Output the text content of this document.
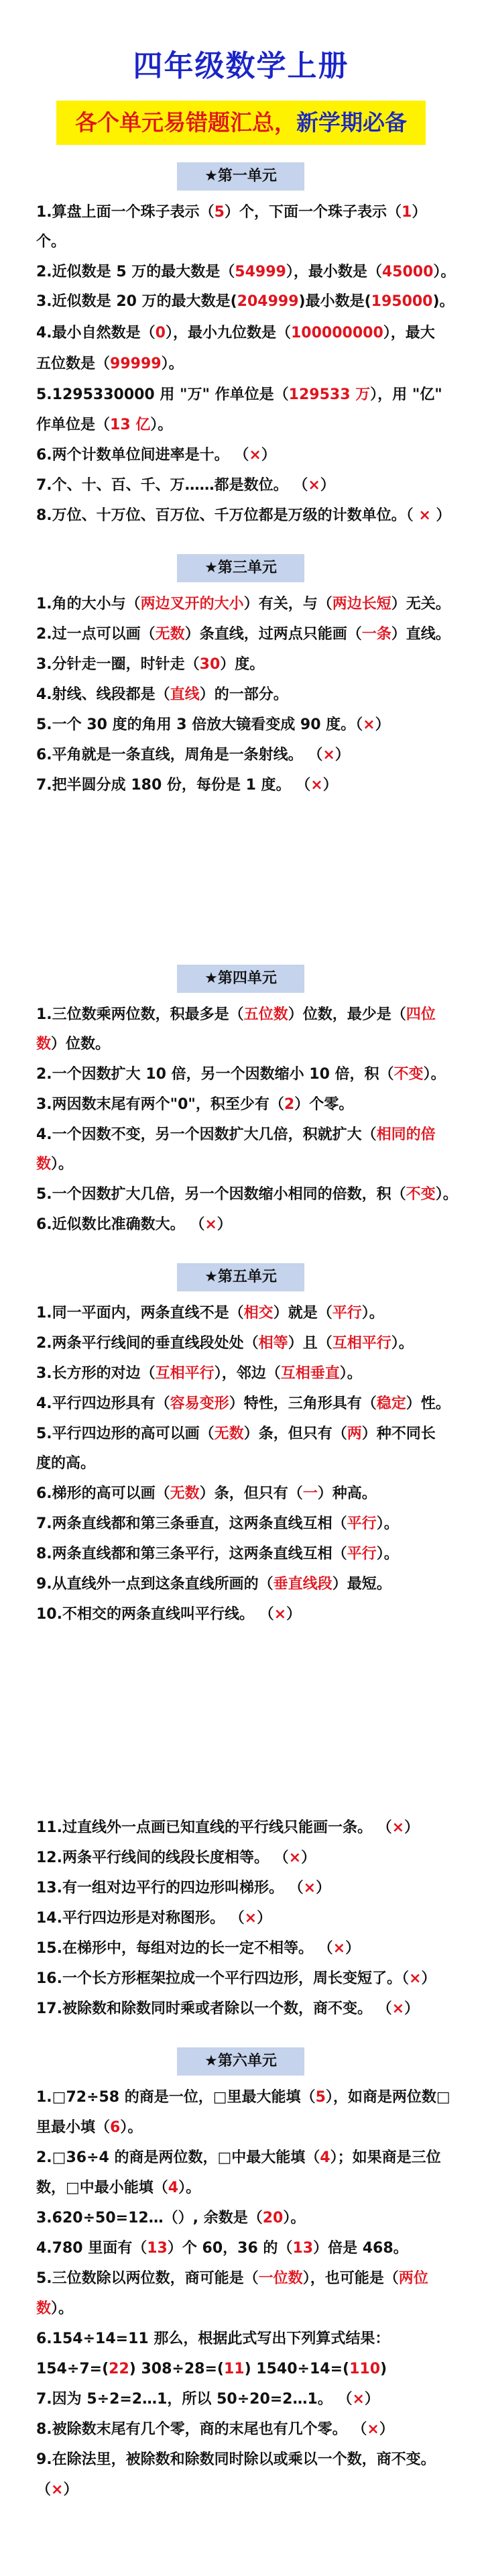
四年级数学上册
各个单元易错题汇总，新学期必备
★第一单元
1.算盘上面一个珠子表示（5）个，下面一个珠子表示（1）
个。
2.近似数是 5 万的最大数是（54999），最小数是（45000）。
3.近似数是 20 万的最大数是(204999)最小数是(195000)。
4.最小自然数是（0），最小九位数是（100000000），最大
五位数是（99999）。
5.1295330000 用 "万" 作单位是（129533 万），用 "亿"
作单位是（13 亿）。
6.两个计数单位间进率是十。 （×）
7.个、十、百、千、万……都是数位。 （×）
8.万位、十万位、百万位、千万位都是万级的计数单位。（ × ）
★第三单元
1.角的大小与（两边叉开的大小）有关，与（两边长短）无关。
2.过一点可以画（无数）条直线，过两点只能画（一条）直线。
3.分针走一圈，时针走（30）度。
4.射线、线段都是（直线）的一部分。
5.一个 30 度的角用 3 倍放大镜看变成 90 度。（×）
6.平角就是一条直线，周角是一条射线。 （×）
7.把半圆分成 180 份，每份是 1 度。 （×）
★第四单元
1.三位数乘两位数，积最多是（五位数）位数，最少是（四位
数）位数。
2.一个因数扩大 10 倍，另一个因数缩小 10 倍，积（不变）。
3.两因数末尾有两个"0"，积至少有（2）个零。
4.一个因数不变，另一个因数扩大几倍，积就扩大（相同的倍
数）。
5.一个因数扩大几倍，另一个因数缩小相同的倍数，积（不变）。
6.近似数比准确数大。 （×）
★第五单元
1.同一平面内，两条直线不是（相交）就是（平行）。
2.两条平行线间的垂直线段处处（相等）且（互相平行）。
3.长方形的对边（互相平行），邻边（互相垂直）。
4.平行四边形具有（容易变形）特性，三角形具有（稳定）性。
5.平行四边形的高可以画（无数）条，但只有（两）种不同长
度的高。
6.梯形的高可以画（无数）条，但只有（一）种高。
7.两条直线都和第三条垂直，这两条直线互相（平行）。
8.两条直线都和第三条平行，这两条直线互相（平行）。
9.从直线外一点到这条直线所画的（垂直线段）最短。
10.不相交的两条直线叫平行线。 （×）
11.过直线外一点画已知直线的平行线只能画一条。 （×）
12.两条平行线间的线段长度相等。 （×）
13.有一组对边平行的四边形叫梯形。 （×）
14.平行四边形是对称图形。 （×）
15.在梯形中，每组对边的长一定不相等。 （×）
16.一个长方形框架拉成一个平行四边形，周长变短了。（×）
17.被除数和除数同时乘或者除以一个数，商不变。 （×）
★第六单元
1.□72÷58 的商是一位，□里最大能填（5），如商是两位数□
里最小填（6）。
2.□36÷4 的商是两位数，□中最大能填（4）；如果商是三位
数，□中最小能填（4）。
3.620÷50=12…（）, 余数是（20）。
4.780 里面有（13）个 60，36 的（13）倍是 468。
5.三位数除以两位数，商可能是（一位数），也可能是（两位
数）。
6.154÷14=11 那么，根据此式写出下列算式结果：
154÷7=(22) 308÷28=(11) 1540÷14=(110)
7.因为 5÷2=2…1，所以 50÷20=2…1。 （×）
8.被除数末尾有几个零，商的末尾也有几个零。 （×）
9.在除法里，被除数和除数同时除以或乘以一个数，商不变。
（×）
